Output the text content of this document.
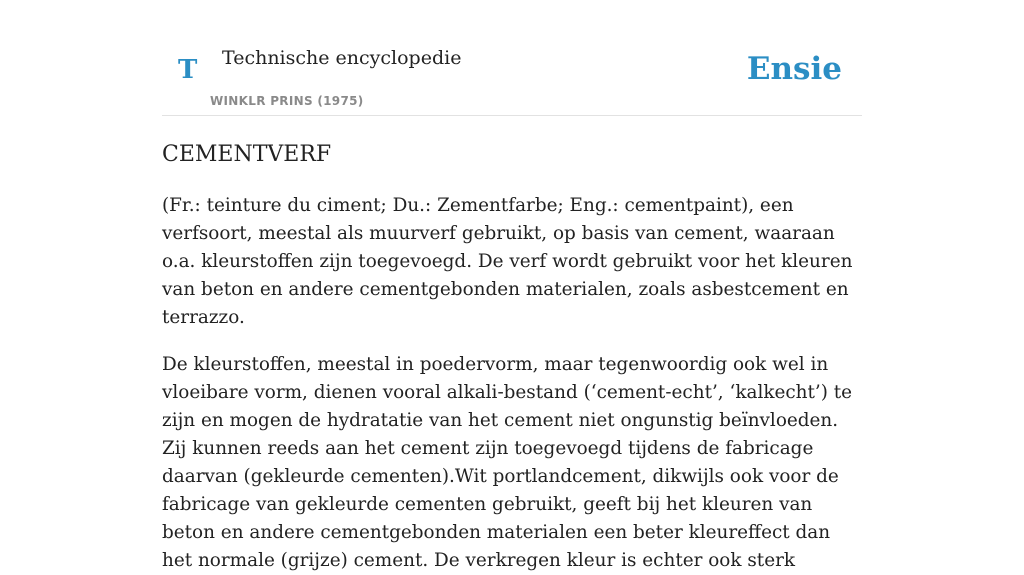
T Technische encyclopedie
WINKLR PRINS (1975)
Ensie
CEMENTVERF

(Fr.: teinture du ciment; Du.: Zementfarbe; Eng.: cementpaint), een verfsoort, meestal als muurverf gebruikt, op basis van cement, waaraan o.a. kleurstoffen zijn toegevoegd. De verf wordt gebruikt voor het kleuren van beton en andere cementgebonden materialen, zoals asbestcement en terrazzo.

De kleurstoffen, meestal in poedervorm, maar tegenwoordig ook wel in vloeibare vorm, dienen vooral alkali-bestand (‘cement-echt’, ‘kalkecht’) te zijn en mogen de hydratatie van het cement niet ongunstig beïnvloeden. Zij kunnen reeds aan het cement zijn toegevoegd tijdens de fabricage daarvan (gekleurde cementen).Wit portlandcement, dikwijls ook voor de fabricage van gekleurde cementen gebruikt, geeft bij het kleuren van beton en andere cementgebonden materialen een beter kleureffect dan het normale (grijze) cement. De verkregen kleur is echter ook sterk
